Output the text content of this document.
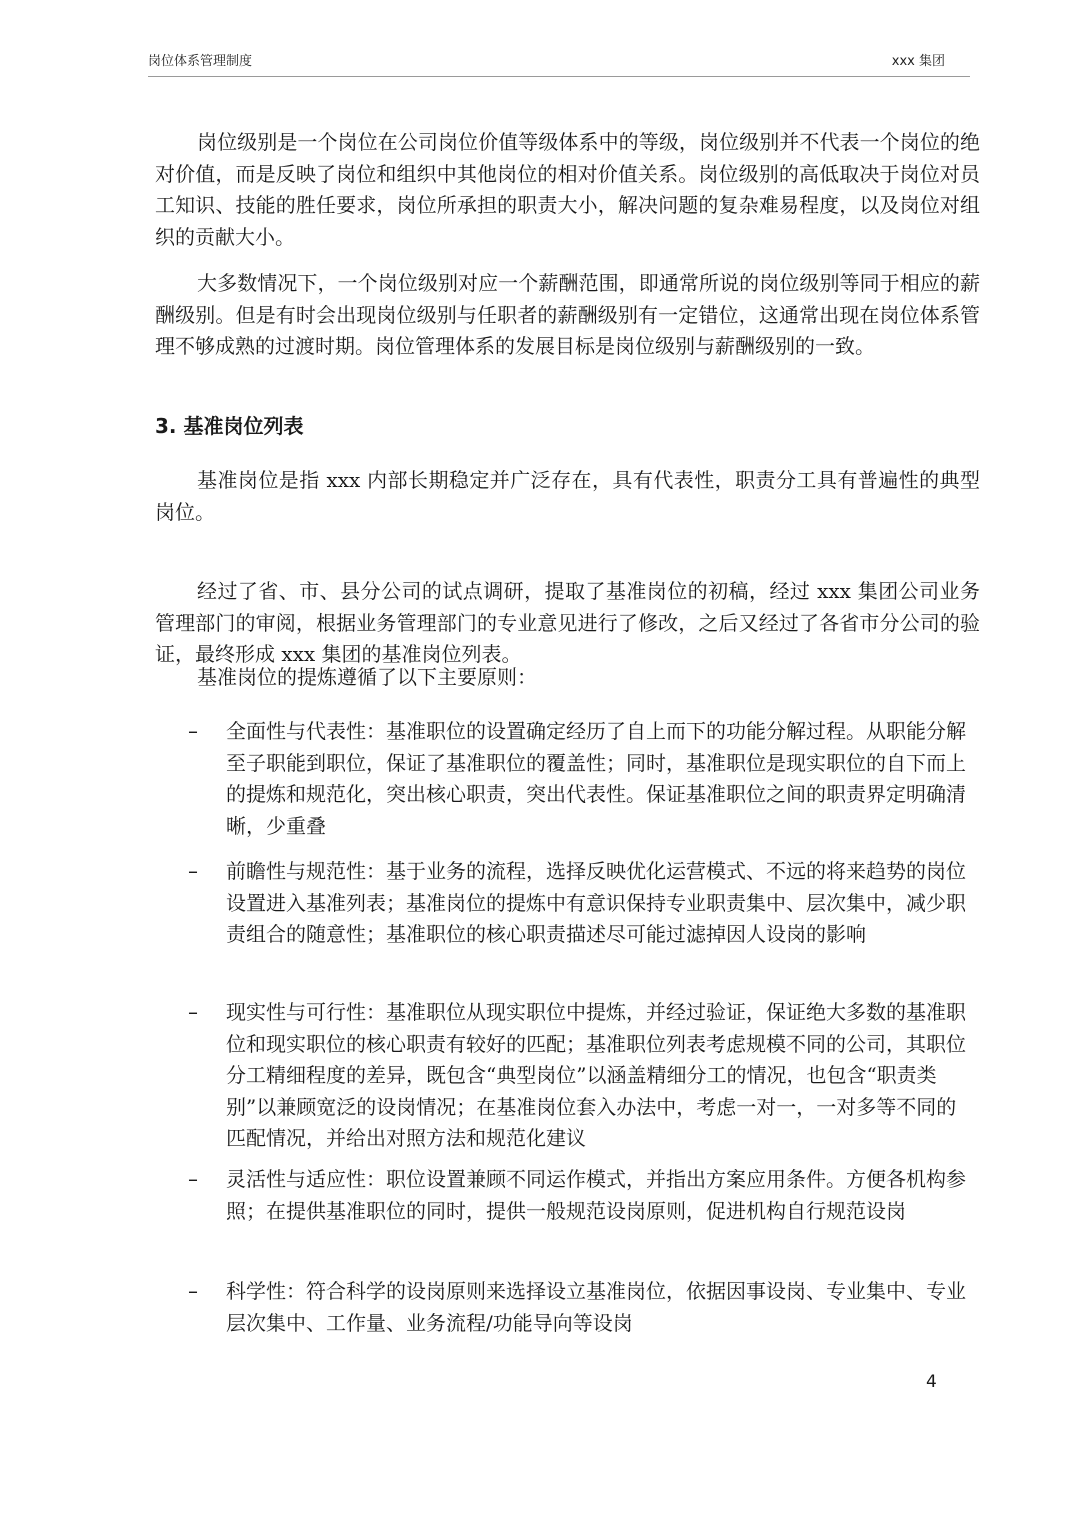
岗位体系管理制度	xxx 集团

岗位级别是一个岗位在公司岗位价值等级体系中的等级，岗位级别并不代表一个岗位的绝对价值，而是反映了岗位和组织中其他岗位的相对价值关系。岗位级别的高低取决于岗位对员工知识、技能的胜任要求，岗位所承担的职责大小，解决问题的复杂难易程度，以及岗位对组织的贡献大小。

大多数情况下，一个岗位级别对应一个薪酬范围，即通常所说的岗位级别等同于相应的薪酬级别。但是有时会出现岗位级别与任职者的薪酬级别有一定错位，这通常出现在岗位体系管理不够成熟的过渡时期。岗位管理体系的发展目标是岗位级别与薪酬级别的一致。

3. 基准岗位列表

基准岗位是指 xxx 内部长期稳定并广泛存在，具有代表性，职责分工具有普遍性的典型岗位。

经过了省、市、县分公司的试点调研，提取了基准岗位的初稿，经过 xxx 集团公司业务管理部门的审阅，根据业务管理部门的专业意见进行了修改，之后又经过了各省市分公司的验证，最终形成 xxx 集团的基准岗位列表。

基准岗位的提炼遵循了以下主要原则：

– 全面性与代表性：基准职位的设置确定经历了自上而下的功能分解过程。从职能分解至子职能到职位，保证了基准职位的覆盖性；同时，基准职位是现实职位的自下而上的提炼和规范化，突出核心职责，突出代表性。保证基准职位之间的职责界定明确清晰，少重叠

– 前瞻性与规范性：基于业务的流程，选择反映优化运营模式、不远的将来趋势的岗位设置进入基准列表；基准岗位的提炼中有意识保持专业职责集中、层次集中，减少职责组合的随意性；基准职位的核心职责描述尽可能过滤掉因人设岗的影响

– 现实性与可行性：基准职位从现实职位中提炼，并经过验证，保证绝大多数的基准职位和现实职位的核心职责有较好的匹配；基准职位列表考虑规模不同的公司，其职位分工精细程度的差异，既包含“典型岗位”以涵盖精细分工的情况，也包含“职责类别”以兼顾宽泛的设岗情况；在基准岗位套入办法中，考虑一对一，一对多等不同的匹配情况，并给出对照方法和规范化建议

– 灵活性与适应性：职位设置兼顾不同运作模式，并指出方案应用条件。方便各机构参照；在提供基准职位的同时，提供一般规范设岗原则，促进机构自行规范设岗

– 科学性：符合科学的设岗原则来选择设立基准岗位，依据因事设岗、专业集中、专业层次集中、工作量、业务流程/功能导向等设岗

4
